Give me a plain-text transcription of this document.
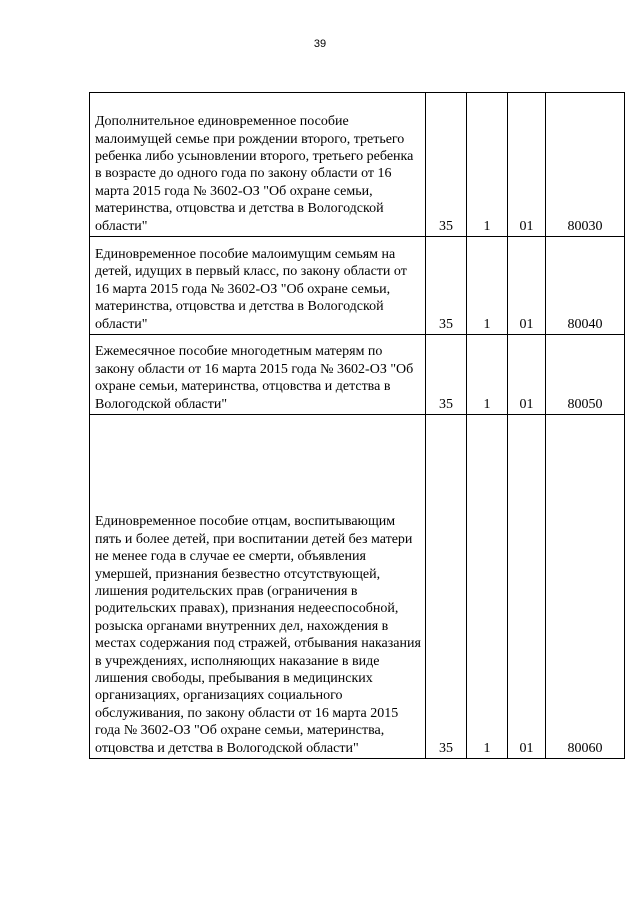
39
Дополнительное единовременное пособие малоимущей семье при рождении второго, третьего ребенка либо усыновлении второго, третьего ребенка в возрасте до одного года по закону области от 16 марта 2015 года № 3602-ОЗ "Об охране семьи, материнства, отцовства и детства в Вологодской области"	35	1	01	80030
Единовременное пособие малоимущим семьям на детей, идущих в первый класс, по закону области от 16 марта 2015 года № 3602-ОЗ "Об охране семьи, материнства, отцовства и детства в Вологодской области"	35	1	01	80040
Ежемесячное пособие многодетным матерям по закону области от 16 марта 2015 года № 3602-ОЗ "Об охране семьи, материнства, отцовства и детства в Вологодской области"	35	1	01	80050
Единовременное пособие отцам, воспитывающим пять и более детей, при воспитании детей без матери не менее года в случае ее смерти, объявления умершей, признания безвестно отсутствующей, лишения родительских прав (ограничения в родительских правах), признания недееспособной, розыска органами внутренних дел, нахождения в местах содержания под стражей, отбывания наказания в учреждениях, исполняющих наказание в виде лишения свободы, пребывания в медицинских организациях, организациях социального обслуживания, по закону области от 16 марта 2015 года № 3602-ОЗ "Об охране семьи, материнства, отцовства и детства в Вологодской области"	35	1	01	80060
